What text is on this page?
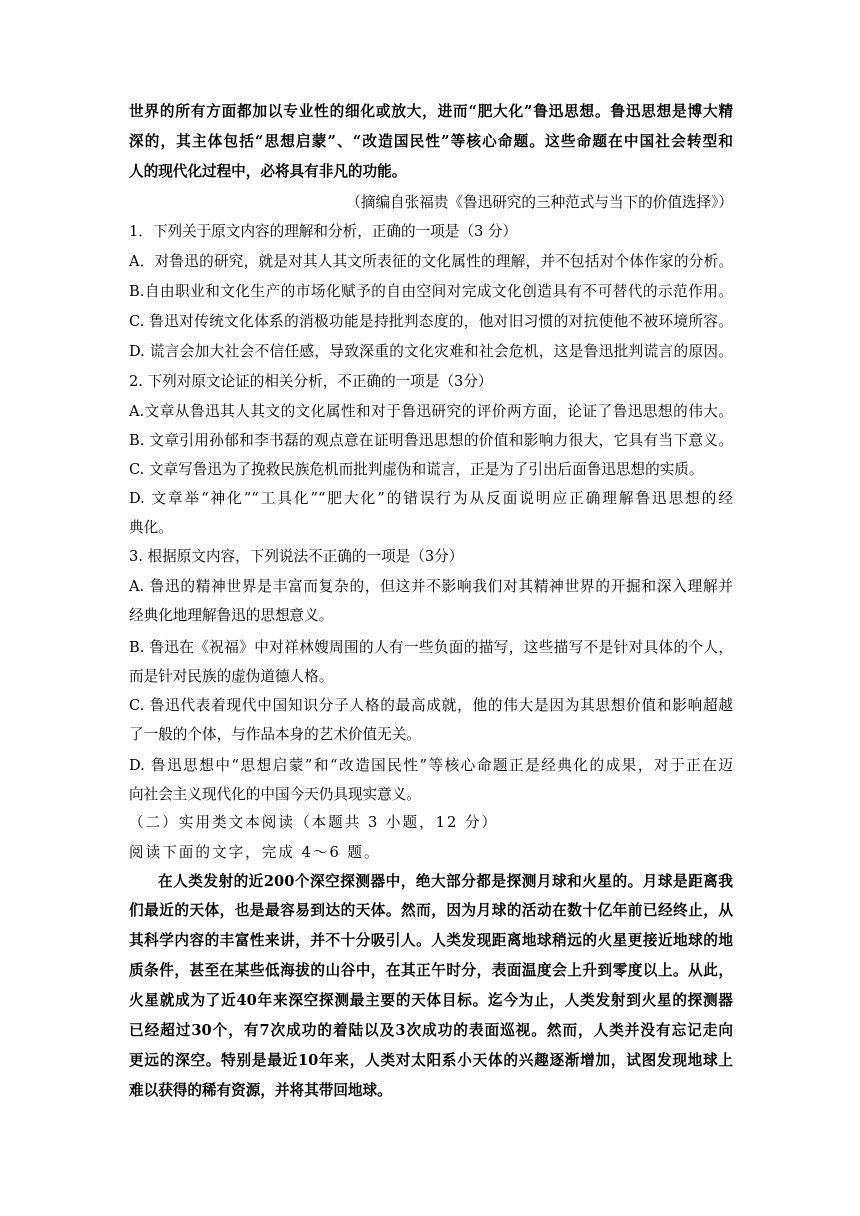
世界的所有方面都加以专业性的细化或放大，进而“肥大化”鲁迅思想。鲁迅思想是博大精
深的，其主体包括“思想启蒙”、“改造国民性”等核心命题。这些命题在中国社会转型和
人的现代化过程中，必将具有非凡的功能。
（摘编自张福贵《鲁迅研究的三种范式与当下的价值选择》）
1．下列关于原文内容的理解和分析，正确的一项是（3 分）
A．对鲁迅的研究，就是对其人其文所表征的文化属性的理解，并不包括对个体作家的分析。
B.自由职业和文化生产的市场化赋予的自由空间对完成文化创造具有不可替代的示范作用。
C. 鲁迅对传统文化体系的消极功能是持批判态度的，他对旧习惯的对抗使他不被环境所容。
D. 谎言会加大社会不信任感，导致深重的文化灾难和社会危机，这是鲁迅批判谎言的原因。
2. 下列对原文论证的相关分析，不正确的一项是（3分）
A.文章从鲁迅其人其文的文化属性和对于鲁迅研究的评价两方面，论证了鲁迅思想的伟大。
B. 文章引用孙郁和李书磊的观点意在证明鲁迅思想的价值和影响力很大，它具有当下意义。
C. 文章写鲁迅为了挽救民族危机而批判虚伪和谎言，正是为了引出后面鲁迅思想的实质。
D. 文章举“神化”“工具化”“肥大化”的错误行为从反面说明应正确理解鲁迅思想的经
典化。
3. 根据原文内容，下列说法不正确的一项是（3分）
A. 鲁迅的精神世界是丰富而复杂的，但这并不影响我们对其精神世界的开掘和深入理解并
经典化地理解鲁迅的思想意义。
B. 鲁迅在《祝福》中对祥林嫂周围的人有一些负面的描写，这些描写不是针对具体的个人，
而是针对民族的虚伪道德人格。
C. 鲁迅代表着现代中国知识分子人格的最高成就，他的伟大是因为其思想价值和影响超越
了一般的个体，与作品本身的艺术价值无关。
D. 鲁迅思想中“思想启蒙”和“改造国民性”等核心命题正是经典化的成果，对于正在迈
向社会主义现代化的中国今天仍具现实意义。
（二）实用类文本阅读（本题共 3 小题，12 分）
阅读下面的文字，完成 4～6 题。
在人类发射的近200个深空探测器中，绝大部分都是探测月球和火星的。月球是距离我
们最近的天体，也是最容易到达的天体。然而，因为月球的活动在数十亿年前已经终止，从
其科学内容的丰富性来讲，并不十分吸引人。人类发现距离地球稍远的火星更接近地球的地
质条件，甚至在某些低海拔的山谷中，在其正午时分，表面温度会上升到零度以上。从此，
火星就成为了近40年来深空探测最主要的天体目标。迄今为止，人类发射到火星的探测器
已经超过30个，有7次成功的着陆以及3次成功的表面巡视。然而，人类并没有忘记走向
更远的深空。特别是最近10年来，人类对太阳系小天体的兴趣逐渐增加，试图发现地球上
难以获得的稀有资源，并将其带回地球。
